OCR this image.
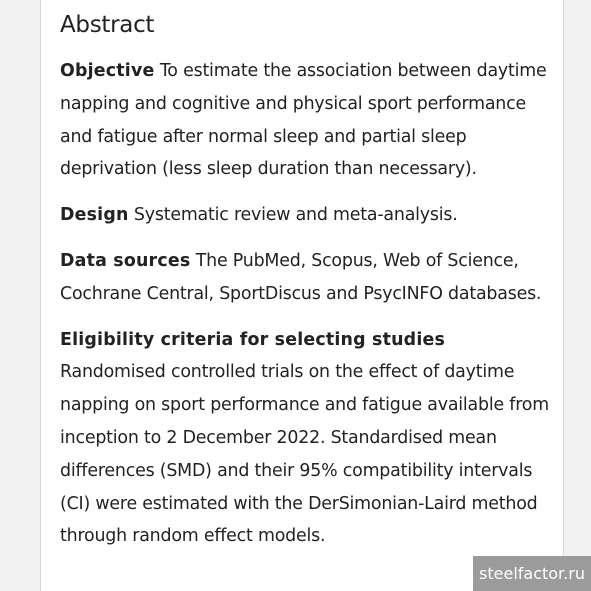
Abstract

Objective To estimate the association between daytime napping and cognitive and physical sport performance and fatigue after normal sleep and partial sleep deprivation (less sleep duration than necessary).

Design Systematic review and meta-analysis.

Data sources The PubMed, Scopus, Web of Science, Cochrane Central, SportDiscus and PsycINFO databases.

Eligibility criteria for selecting studies
Randomised controlled trials on the effect of daytime napping on sport performance and fatigue available from inception to 2 December 2022. Standardised mean differences (SMD) and their 95% compatibility intervals (CI) were estimated with the DerSimonian-Laird method through random effect models.

steelfactor.ru
